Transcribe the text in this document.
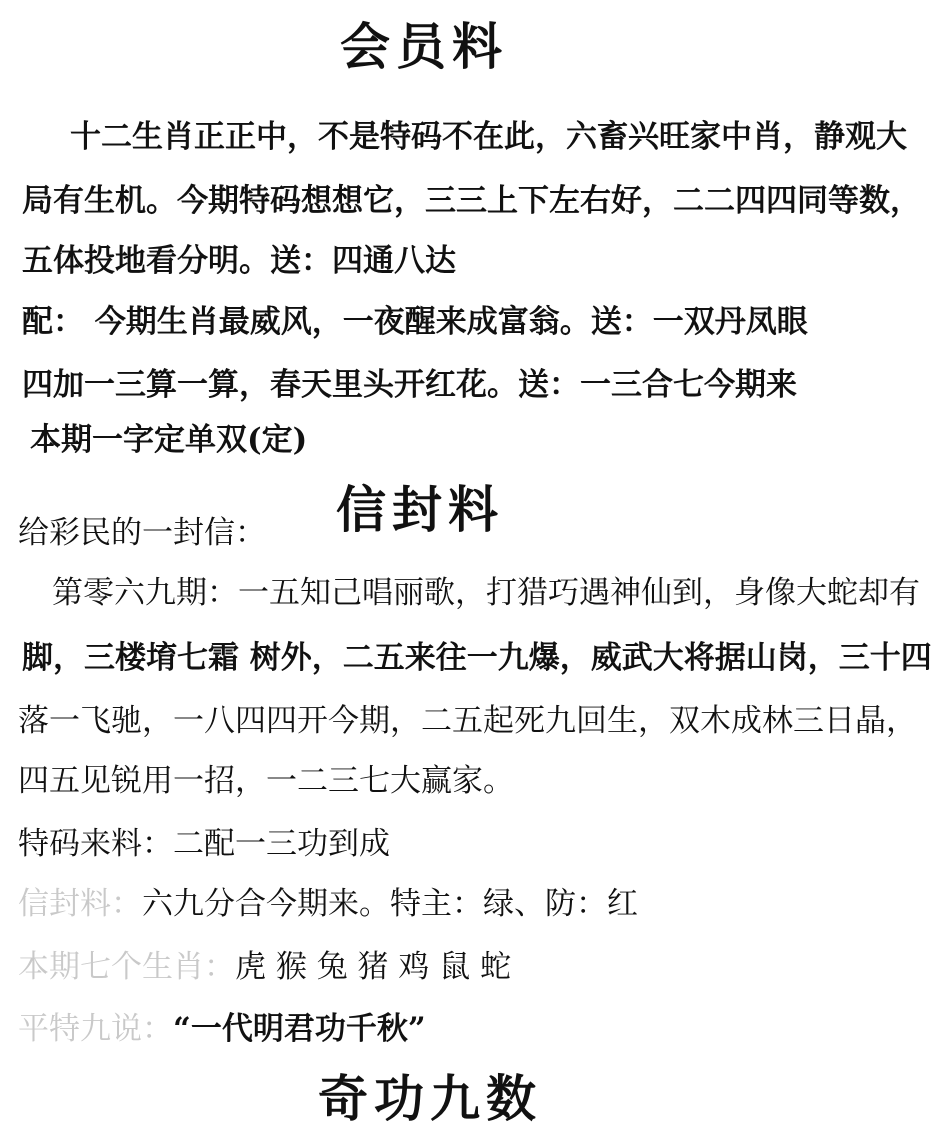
会员料
十二生肖正正中，不是特码不在此，六畜兴旺家中肖，静观大
局有生机。今期特码想想它，三三上下左右好，二二四四同等数，
五体投地看分明。送：四通八达
配： 今期生肖最威风，一夜醒来成富翁。送：一双丹凤眼
四加一三算一算，春天里头开红花。送：一三合七今期来
本期一字定单双(定)
给彩民的一封信： 信封料
第零六九期：一五知己唱丽歌，打猎巧遇神仙到，身像大蛇却有
脚，三楼堉七霜 树外，二五来往一九爆，威武大将据山岗，三十四
落一飞驰，一八四四开今期，二五起死九回生，双木成林三日晶，
四五见锐用一招，一二三七大赢家。
特码来料：二配一三功到成
信封料：六九分合今期来。特主：绿、防：红
本期七个生肖：虎 猴 兔 猪 鸡 鼠 蛇
平特九说：“一代明君功千秋”
奇功九数
